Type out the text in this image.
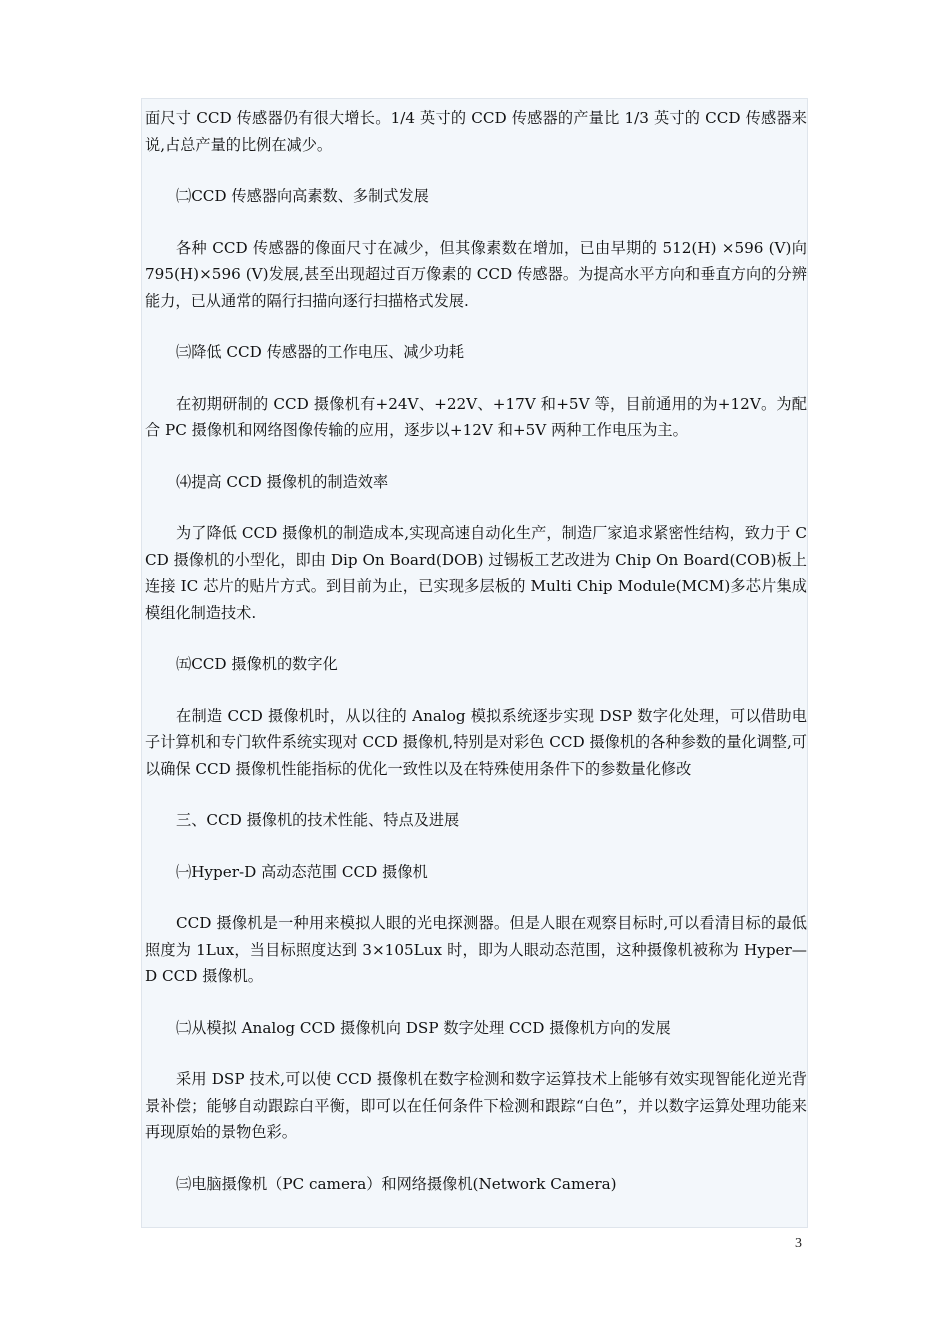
面尺寸 CCD 传感器仍有很大增长。1/4 英寸的 CCD 传感器的产量比 1/3 英寸的 CCD 传感器来说,占总产量的比例在减少。

㈡CCD 传感器向高素数、多制式发展

各种 CCD 传感器的像面尺寸在减少，但其像素数在增加，已由早期的 512(H) ×596 (V)向 795(H)×596 (V)发展,甚至出现超过百万像素的 CCD 传感器。为提高水平方向和垂直方向的分辨能力，已从通常的隔行扫描向逐行扫描格式发展.

㈢降低 CCD 传感器的工作电压、减少功耗

在初期研制的 CCD 摄像机有+24V、+22V、+17V 和+5V 等，目前通用的为+12V。为配合 PC 摄像机和网络图像传输的应用，逐步以+12V 和+5V 两种工作电压为主。

⑷提高 CCD 摄像机的制造效率

为了降低 CCD 摄像机的制造成本,实现高速自动化生产，制造厂家追求紧密性结构，致力于 CCD 摄像机的小型化，即由 Dip On Board(DOB) 过锡板工艺改进为 Chip On Board(COB)板上连接 IC 芯片的贴片方式。到目前为止，已实现多层板的 Multi Chip Module(MCM)多芯片集成模组化制造技术.

㈤CCD 摄像机的数字化

在制造 CCD 摄像机时，从以往的 Analog 模拟系统逐步实现 DSP 数字化处理，可以借助电子计算机和专门软件系统实现对 CCD 摄像机,特别是对彩色 CCD 摄像机的各种参数的量化调整,可以确保 CCD 摄像机性能指标的优化一致性以及在特殊使用条件下的参数量化修改

三、CCD 摄像机的技术性能、特点及进展

㈠Hyper-D 高动态范围 CCD 摄像机

CCD 摄像机是一种用来模拟人眼的光电探测器。但是人眼在观察目标时,可以看清目标的最低照度为 1Lux，当目标照度达到 3×105Lux 时，即为人眼动态范围，这种摄像机被称为 Hyper—D CCD 摄像机。

㈡从模拟 Analog CCD 摄像机向 DSP 数字处理 CCD 摄像机方向的发展

采用 DSP 技术,可以使 CCD 摄像机在数字检测和数字运算技术上能够有效实现智能化逆光背景补偿；能够自动跟踪白平衡，即可以在任何条件下检测和跟踪“白色”，并以数字运算处理功能来再现原始的景物色彩。

㈢电脑摄像机（PC camera）和网络摄像机(Network Camera)

3
